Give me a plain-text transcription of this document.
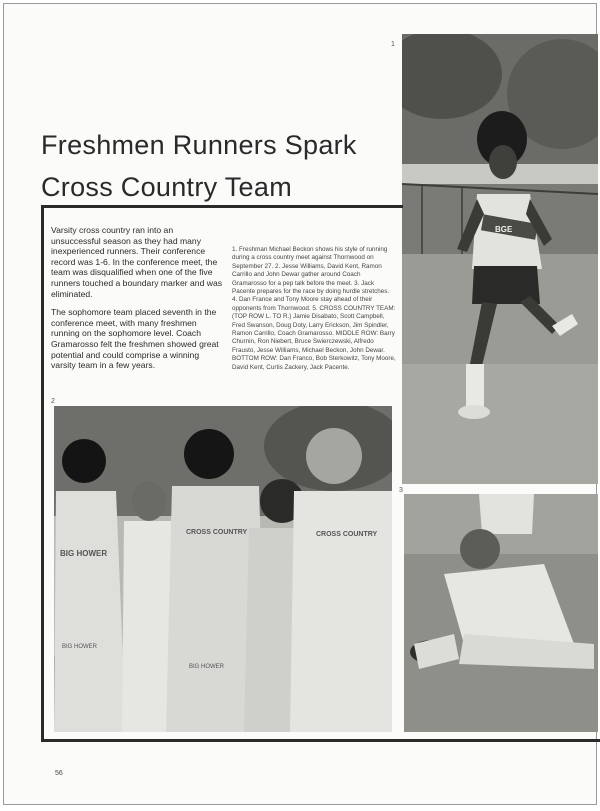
BGE
1
Freshmen Runners Spark
Cross Country Team

Varsity cross country ran into an unsuccessful season as they had many inexperienced runners. Their conference record was 1-6. In the conference meet, the team was disqualified when one of the five runners touched a boundary marker and was eliminated.

The sophomore team placed seventh in the conference meet, with many freshmen running on the sophomore level. Coach Gramarosso felt the freshmen showed great potential and could comprise a winning varsity team in a few years.

1. Freshman Michael Beckon shows his style of running during a cross country meet against Thornwood on September 27. 2. Jesse Williams, David Kent, Ramon Carrillo and John Dewar gather around Coach Gramarosso for a pep talk before the meet. 3. Jack Pacente prepares for the race by doing hurdle stretches. 4. Dan France and Tony Moore stay ahead of their opponents from Thornwood. 5. CROSS COUNTRY TEAM: (TOP ROW L. TO R.) Jamie Disabato, Scott Campbell, Fred Swanson, Doug Doty, Larry Erickson, Jim Spindler, Ramon Carrillo, Coach Gramarosso. MIDDLE ROW: Barry Churnin, Ron Niebert, Bruce Swierczewski, Alfredo Frausto, Jesse Williams, Michael Beckon, John Dewar. BOTTOM ROW: Dan Franco, Bob Sterkowitz, Tony Moore, David Kent, Curtis Zackery, Jack Pacente.
2
BIG HOWER
CROSS COUNTRY
BIG HOWER
CROSS COUNTRY
BIG HOWER
3
56
